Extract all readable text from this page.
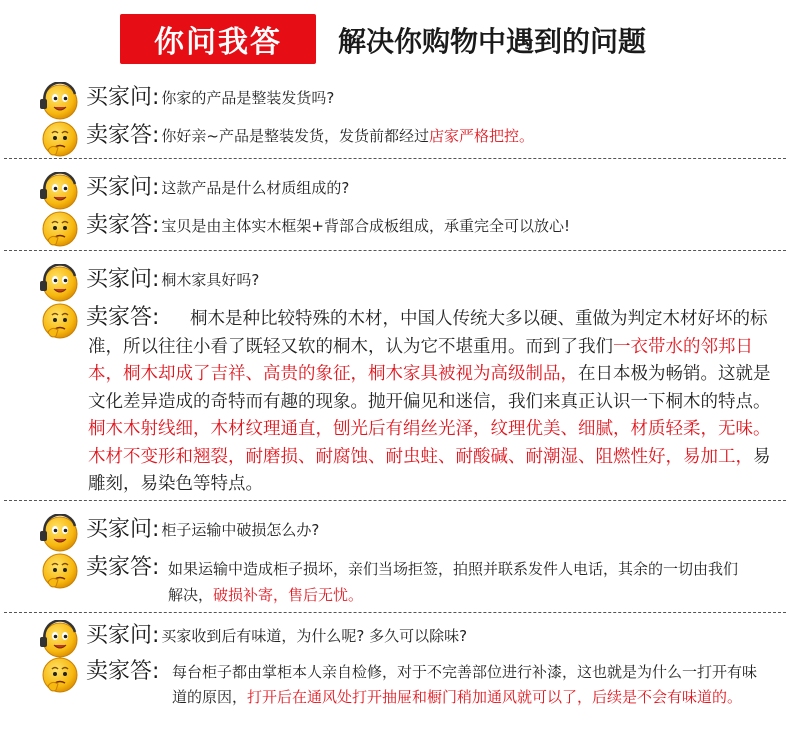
你问我答	解决你购物中遇到的问题
买家问: 你家的产品是整装发货吗?
卖家答: 你好亲~产品是整装发货，发货前都经过店家严格把控。
买家问: 这款产品是什么材质组成的?
卖家答: 宝贝是由主体实木框架+背部合成板组成，承重完全可以放心!
买家问: 桐木家具好吗?
卖家答:	桐木是种比较特殊的木材，中国人传统大多以硬、重做为判定木材好坏的标准，所以往往小看了既轻又软的桐木，认为它不堪重用。而到了我们一衣带水的邻邦日本，桐木却成了吉祥、高贵的象征，桐木家具被视为高级制品，在日本极为畅销。这就是文化差异造成的奇特而有趣的现象。抛开偏见和迷信，我们来真正认识一下桐木的特点。桐木木射线细，木材纹理通直，刨光后有绢丝光泽，纹理优美、细腻，材质轻柔，无味。木材不变形和翘裂，耐磨损、耐腐蚀、耐虫蛀、耐酸碱、耐潮湿、阻燃性好，易加工，易雕刻，易染色等特点。
买家问: 柜子运输中破损怎么办?
卖家答: 如果运输中造成柜子损坏，亲们当场拒签，拍照并联系发件人电话，其余的一切由我们解决，破损补寄，售后无忧。
买家问: 买家收到后有味道，为什么呢? 多久可以除味?
卖家答: 每台柜子都由掌柜本人亲自检修，对于不完善部位进行补漆，这也就是为什么一打开有味道的原因，打开后在通风处打开抽屉和橱门稍加通风就可以了，后续是不会有味道的。
